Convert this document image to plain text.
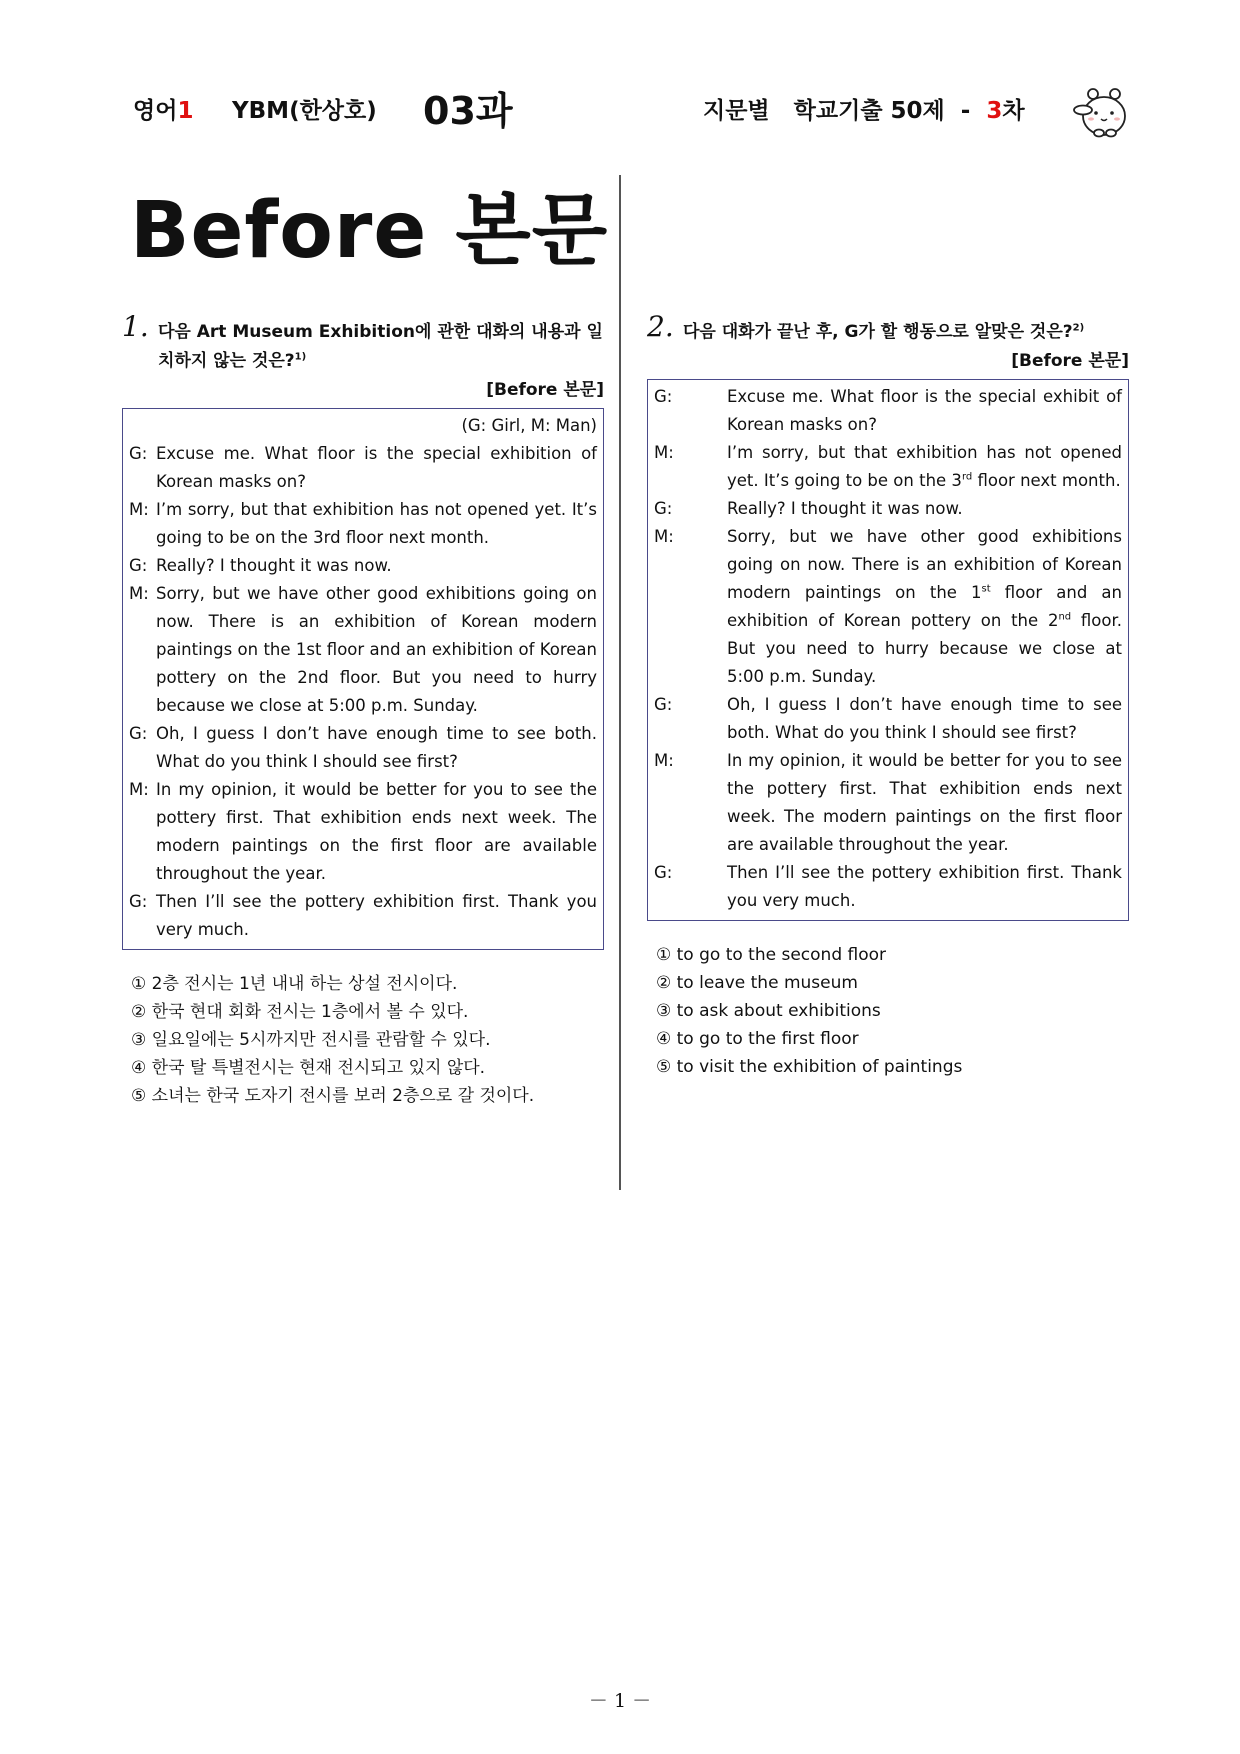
영어1 YBM(한상호) 03과	지문별   학교기출 50제  -  3차
Before 본문
1. 다음 Art Museum Exhibition에 관한 대화의 내용과 일치하지 않는 것은?$^{1)}$
[Before 본문]
(G: Girl, M: Man)
G: Excuse me. What floor is the special exhibition of Korean masks on?
M: I’m sorry, but that exhibition has not opened yet. It’s going to be on the 3rd floor next month.
G: Really? I thought it was now.
M: Sorry, but we have other good exhibitions going on now. There is an exhibition of Korean modern paintings on the 1st floor and an exhibition of Korean pottery on the 2nd floor. But you need to hurry because we close at 5:00 p.m. Sunday.
G: Oh, I guess I don’t have enough time to see both. What do you think I should see first?
M: In my opinion, it would be better for you to see the pottery first. That exhibition ends next week. The modern paintings on the first floor are available throughout the year.
G: Then I’ll see the pottery exhibition first. Thank you very much.
① 2층 전시는 1년 내내 하는 상설 전시이다.
② 한국 현대 회화 전시는 1층에서 볼 수 있다.
③ 일요일에는 5시까지만 전시를 관람할 수 있다.
④ 한국 탈 특별전시는 현재 전시되고 있지 않다.
⑤ 소녀는 한국 도자기 전시를 보러 2층으로 갈 것이다.
2. 다음 대화가 끝난 후, G가 할 행동으로 알맞은 것은?$^{2)}$
[Before 본문]
G:	Excuse me. What floor is the special exhibit of Korean masks on?
M:	I’m sorry, but that exhibition has not opened yet. It’s going to be on the 3rd floor next month.
G:	Really? I thought it was now.
M:	Sorry, but we have other good exhibitions going on now. There is an exhibition of Korean modern paintings on the 1st floor and an exhibition of Korean pottery on the 2nd floor. But you need to hurry because we close at 5:00 p.m. Sunday.
G:	Oh, I guess I don’t have enough time to see both. What do you think I should see first?
M:	In my opinion, it would be better for you to see the pottery first. That exhibition ends next week. The modern paintings on the first floor are available throughout the year.
G:	Then I’ll see the pottery exhibition first. Thank you very much.
① to go to the second floor
② to leave the museum
③ to ask about exhibitions
④ to go to the first floor
⑤ to visit the exhibition of paintings
－ 1 －
